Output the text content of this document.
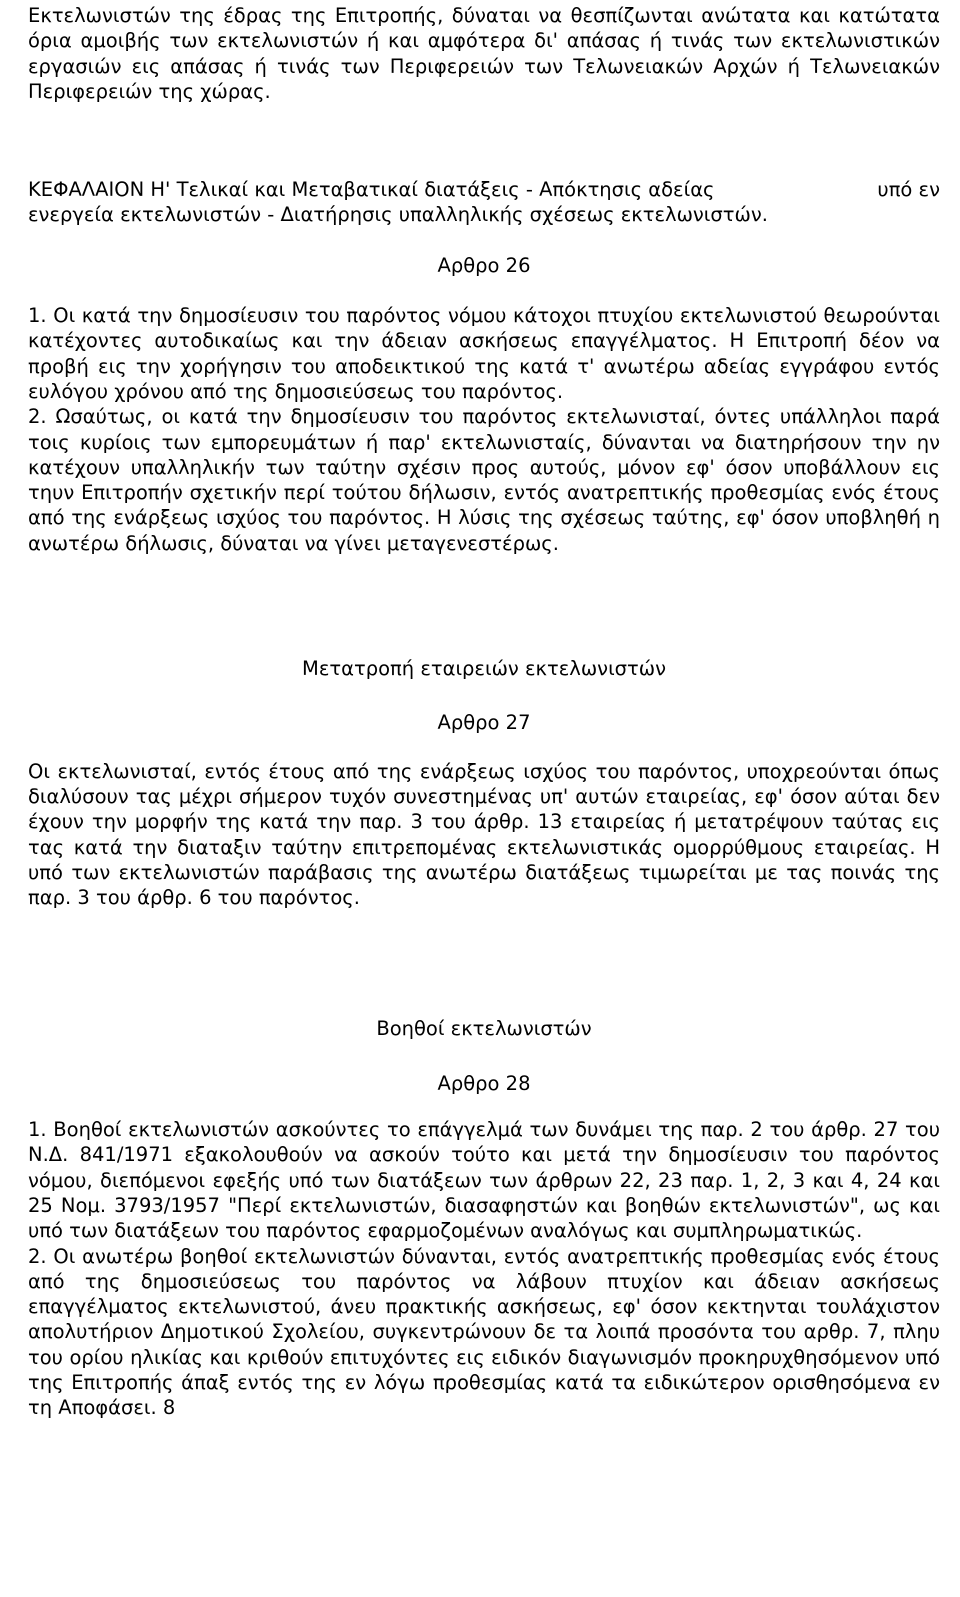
Εκτελωνιστών της έδρας της Επιτροπής, δύναται να θεσπίζωνται ανώτατα και κατώτατα όρια αμοιβής των εκτελωνιστών ή και αμφότερα δι' απάσας ή τινάς των εκτελωνιστικών εργασιών εις απάσας ή τινάς των Περιφερειών των Τελωνειακών Αρχών ή Τελωνειακών Περιφερειών της χώρας.

ΚΕΦΑΛΑΙΟΝ Η' Τελικαί και Μεταβατικαί διατάξεις - Απόκτησις αδείας	υπό εν

ενεργεία εκτελωνιστών - Διατήρησις υπαλληλικής σχέσεως εκτελωνιστών.

Αρθρο 26

1. Οι κατά την δημοσίευσιν του παρόντος νόμου κάτοχοι πτυχίου εκτελωνιστού θεωρούνται κατέχοντες αυτοδικαίως και την άδειαν ασκήσεως επαγγέλματος. Η Επιτροπή δέον να προβή εις την χορήγησιν του αποδεικτικού της κατά τ' ανωτέρω αδείας εγγράφου εντός ευλόγου χρόνου από της δημοσιεύσεως του παρόντος.

2. Ωσαύτως, οι κατά την δημοσίευσιν του παρόντος εκτελωνισταί, όντες υπάλληλοι παρά τοις κυρίοις των εμπορευμάτων ή παρ' εκτελωνισταίς, δύνανται να διατηρήσουν την ην κατέχουν υπαλληλικήν των ταύτην σχέσιν προς αυτούς, μόνον εφ' όσον υποβάλλουν εις τηυν Επιτροπήν σχετικήν περί τούτου δήλωσιν, εντός ανατρεπτικής προθεσμίας ενός έτους από της ενάρξεως ισχύος του παρόντος. Η λύσις της σχέσεως ταύτης, εφ' όσον υποβληθή η ανωτέρω δήλωσις, δύναται να γίνει μεταγενεστέρως.

Μετατροπή εταιρειών εκτελωνιστών

Αρθρο 27

Οι εκτελωνισταί, εντός έτους από της ενάρξεως ισχύος του παρόντος, υποχρεούνται όπως διαλύσουν τας μέχρι σήμερον τυχόν συνεστημένας υπ' αυτών εταιρείας, εφ' όσον αύται δεν έχουν την μορφήν της κατά την παρ. 3 του άρθρ. 13 εταιρείας ή μετατρέψουν ταύτας εις τας κατά την διαταξιν ταύτην επιτρεπομένας εκτελωνιστικάς ομορρύθμους εταιρείας. Η υπό των εκτελωνιστών παράβασις της ανωτέρω διατάξεως τιμωρείται με τας ποινάς της παρ. 3 του άρθρ. 6 του παρόντος.

Βοηθοί εκτελωνιστών

Αρθρο 28

1. Βοηθοί εκτελωνιστών ασκούντες το επάγγελμά των δυνάμει της παρ. 2 του άρθρ. 27 του Ν.Δ. 841/1971 εξακολουθούν να ασκούν τούτο και μετά την δημοσίευσιν του παρόντος νόμου, διεπόμενοι εφεξής υπό των διατάξεων των άρθρων 22, 23 παρ. 1, 2, 3 και 4, 24 και 25 Νομ. 3793/1957 "Περί εκτελωνιστών, διασαφηστών και βοηθών εκτελωνιστών", ως και υπό των διατάξεων του παρόντος εφαρμοζομένων αναλόγως και συμπληρωματικώς.

2. Οι ανωτέρω βοηθοί εκτελωνιστών δύνανται, εντός ανατρεπτικής προθεσμίας ενός έτους από της δημοσιεύσεως του παρόντος να λάβουν πτυχίον και άδειαν ασκήσεως επαγγέλματος εκτελωνιστού, άνευ πρακτικής ασκήσεως, εφ' όσον κεκτηνται τουλάχιστον απολυτήριον Δημοτικού Σχολείου, συγκεντρώνουν δε τα λοιπά προσόντα του αρθρ. 7, πληυ του ορίου ηλικίας και κριθούν επιτυχόντες εις ειδικόν διαγωνισμόν προκηρυχθησόμενον υπό της Επιτροπής άπαξ εντός της εν λόγω προθεσμίας κατά τα ειδικώτερον ορισθησόμενα εν τη Αποφάσει. 8
